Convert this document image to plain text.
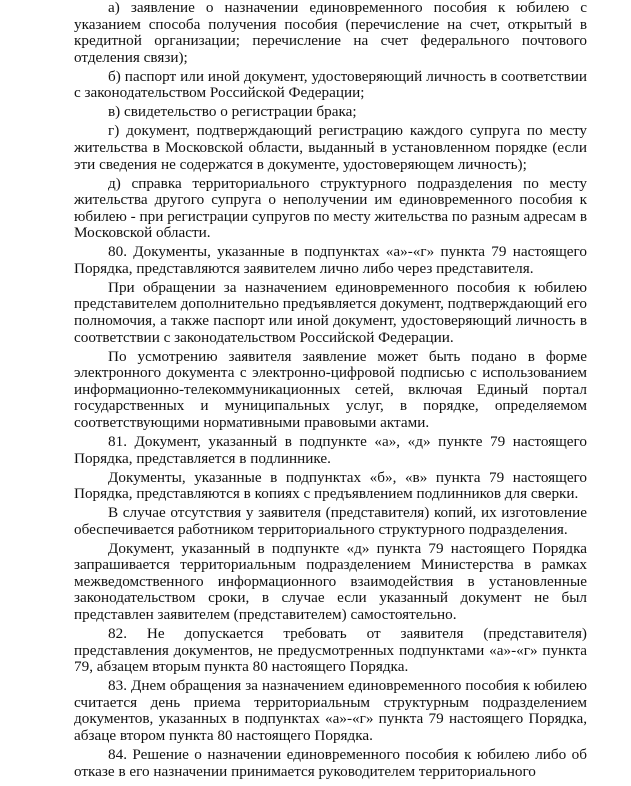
а) заявление о назначении единовременного пособия к юбилею с указанием способа получения пособия (перечисление на счет, открытый в кредитной организации; перечисление на счет федерального почтового отделения связи);

б) паспорт или иной документ, удостоверяющий личность в соответствии с законодательством Российской Федерации;

в) свидетельство о регистрации брака;

г) документ, подтверждающий регистрацию каждого супруга по месту жительства в Московской области, выданный в установленном порядке (если эти сведения не содержатся в документе, удостоверяющем личность);

д) справка территориального структурного подразделения по месту жительства другого супруга о неполучении им единовременного пособия к юбилею - при регистрации супругов по месту жительства по разным адресам в Московской области.

80. Документы, указанные в подпунктах «а»-«г» пункта 79 настоящего Порядка, представляются заявителем лично либо через представителя.

При обращении за назначением единовременного пособия к юбилею представителем дополнительно предъявляется документ, подтверждающий его полномочия, а также паспорт или иной документ, удостоверяющий личность в соответствии с законодательством Российской Федерации.

По усмотрению заявителя заявление может быть подано в форме электронного документа с электронно-цифровой подписью с использованием информационно-телекоммуникационных сетей, включая Единый портал государственных и муниципальных услуг, в порядке, определяемом соответствующими нормативными правовыми актами.

81. Документ, указанный в подпункте «а», «д» пункте 79 настоящего Порядка, представляется в подлиннике.

Документы, указанные в подпунктах «б», «в» пункта 79 настоящего Порядка, представляются в копиях с предъявлением подлинников для сверки.

В случае отсутствия у заявителя (представителя) копий, их изготовление обеспечивается работником территориального структурного подразделения.

Документ, указанный в подпункте «д» пункта 79 настоящего Порядка запрашивается территориальным подразделением Министерства в рамках межведомственного информационного взаимодействия в установленные законодательством сроки, в случае если указанный документ не был представлен заявителем (представителем) самостоятельно.

82. Не допускается требовать от заявителя (представителя) представления документов, не предусмотренных подпунктами «а»-«г» пункта 79, абзацем вторым пункта 80 настоящего Порядка.

83. Днем обращения за назначением единовременного пособия к юбилею считается день приема территориальным структурным подразделением документов, указанных в подпунктах «а»-«г» пункта 79 настоящего Порядка, абзаце втором пункта 80 настоящего Порядка.

84. Решение о назначении единовременного пособия к юбилею либо об отказе в его назначении принимается руководителем территориального
